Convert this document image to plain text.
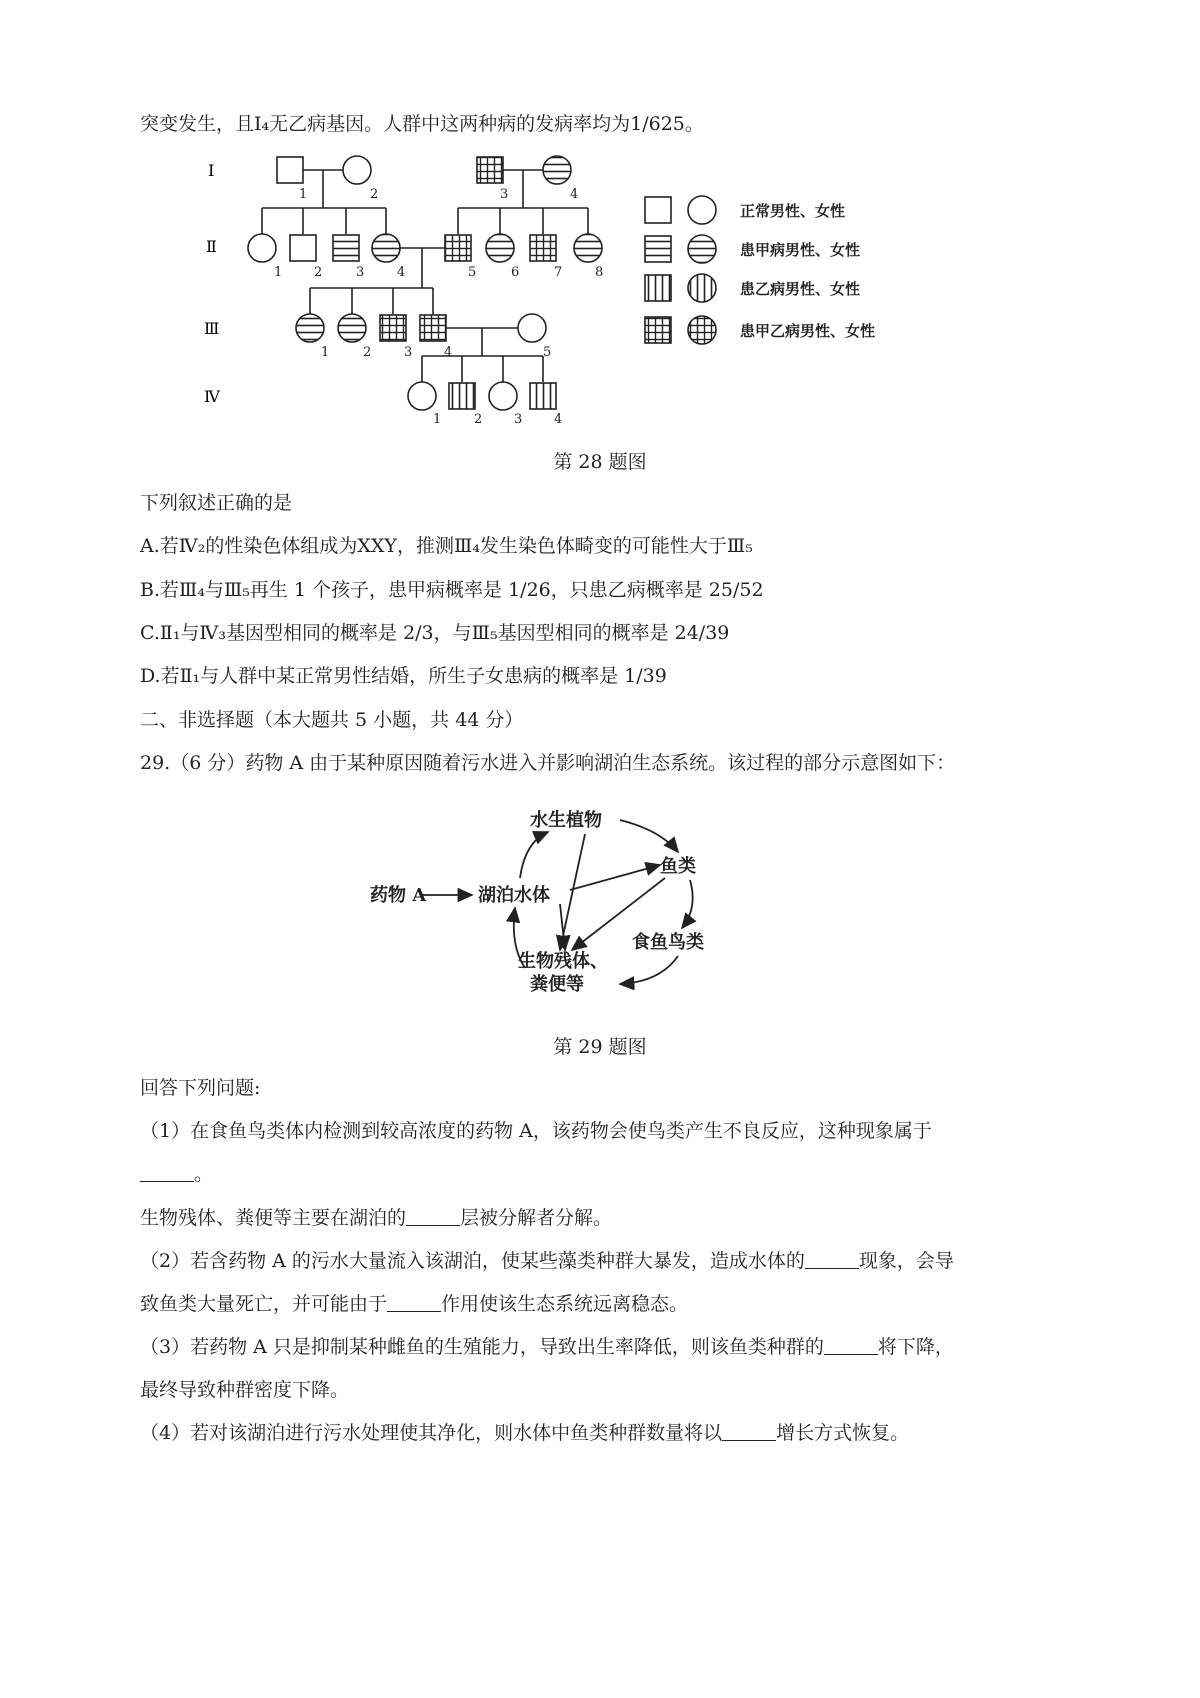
突变发生，且Ⅰ₄无乙病基因。人群中这两种病的发病率均为1/625。
Ⅰ
Ⅱ
Ⅲ
Ⅳ
1	2	3	4
1 2	3	4	5	6	7	8
1	2	3 4	5
1	2 3 4
正常男性、女性
患甲病男性、女性
患乙病男性、女性
患甲乙病男性、女性
第 28 题图
下列叙述正确的是
A.若Ⅳ₂的性染色体组成为XXY，推测Ⅲ₄发生染色体畸变的可能性大于Ⅲ₅
B.若Ⅲ₄与Ⅲ₅再生 1 个孩子，患甲病概率是 1/26，只患乙病概率是 25/52
C.Ⅱ₁与Ⅳ₃基因型相同的概率是 2/3，与Ⅲ₅基因型相同的概率是 24/39
D.若Ⅱ₁与人群中某正常男性结婚，所生子女患病的概率是 1/39
二、非选择题（本大题共 5 小题，共 44 分）
29.（6 分）药物 A 由于某种原因随着污水进入并影响湖泊生态系统。该过程的部分示意图如下：
水生植物
鱼类
药物 A	湖泊水体
食鱼鸟类
生物残体、
粪便等
第 29 题图
回答下列问题:
（1）在食鱼鸟类体内检测到较高浓度的药物 A，该药物会使鸟类产生不良反应，这种现象属于
。
生物残体、粪便等主要在湖泊的	层被分解者分解。
（2）若含药物 A 的污水大量流入该湖泊，使某些藻类种群大暴发，造成水体的	现象，会导
致鱼类大量死亡，并可能由于	作用使该生态系统远离稳态。
（3）若药物 A 只是抑制某种雌鱼的生殖能力，导致出生率降低，则该鱼类种群的	将下降，
最终导致种群密度下降。
（4）若对该湖泊进行污水处理使其净化，则水体中鱼类种群数量将以	增长方式恢复。
